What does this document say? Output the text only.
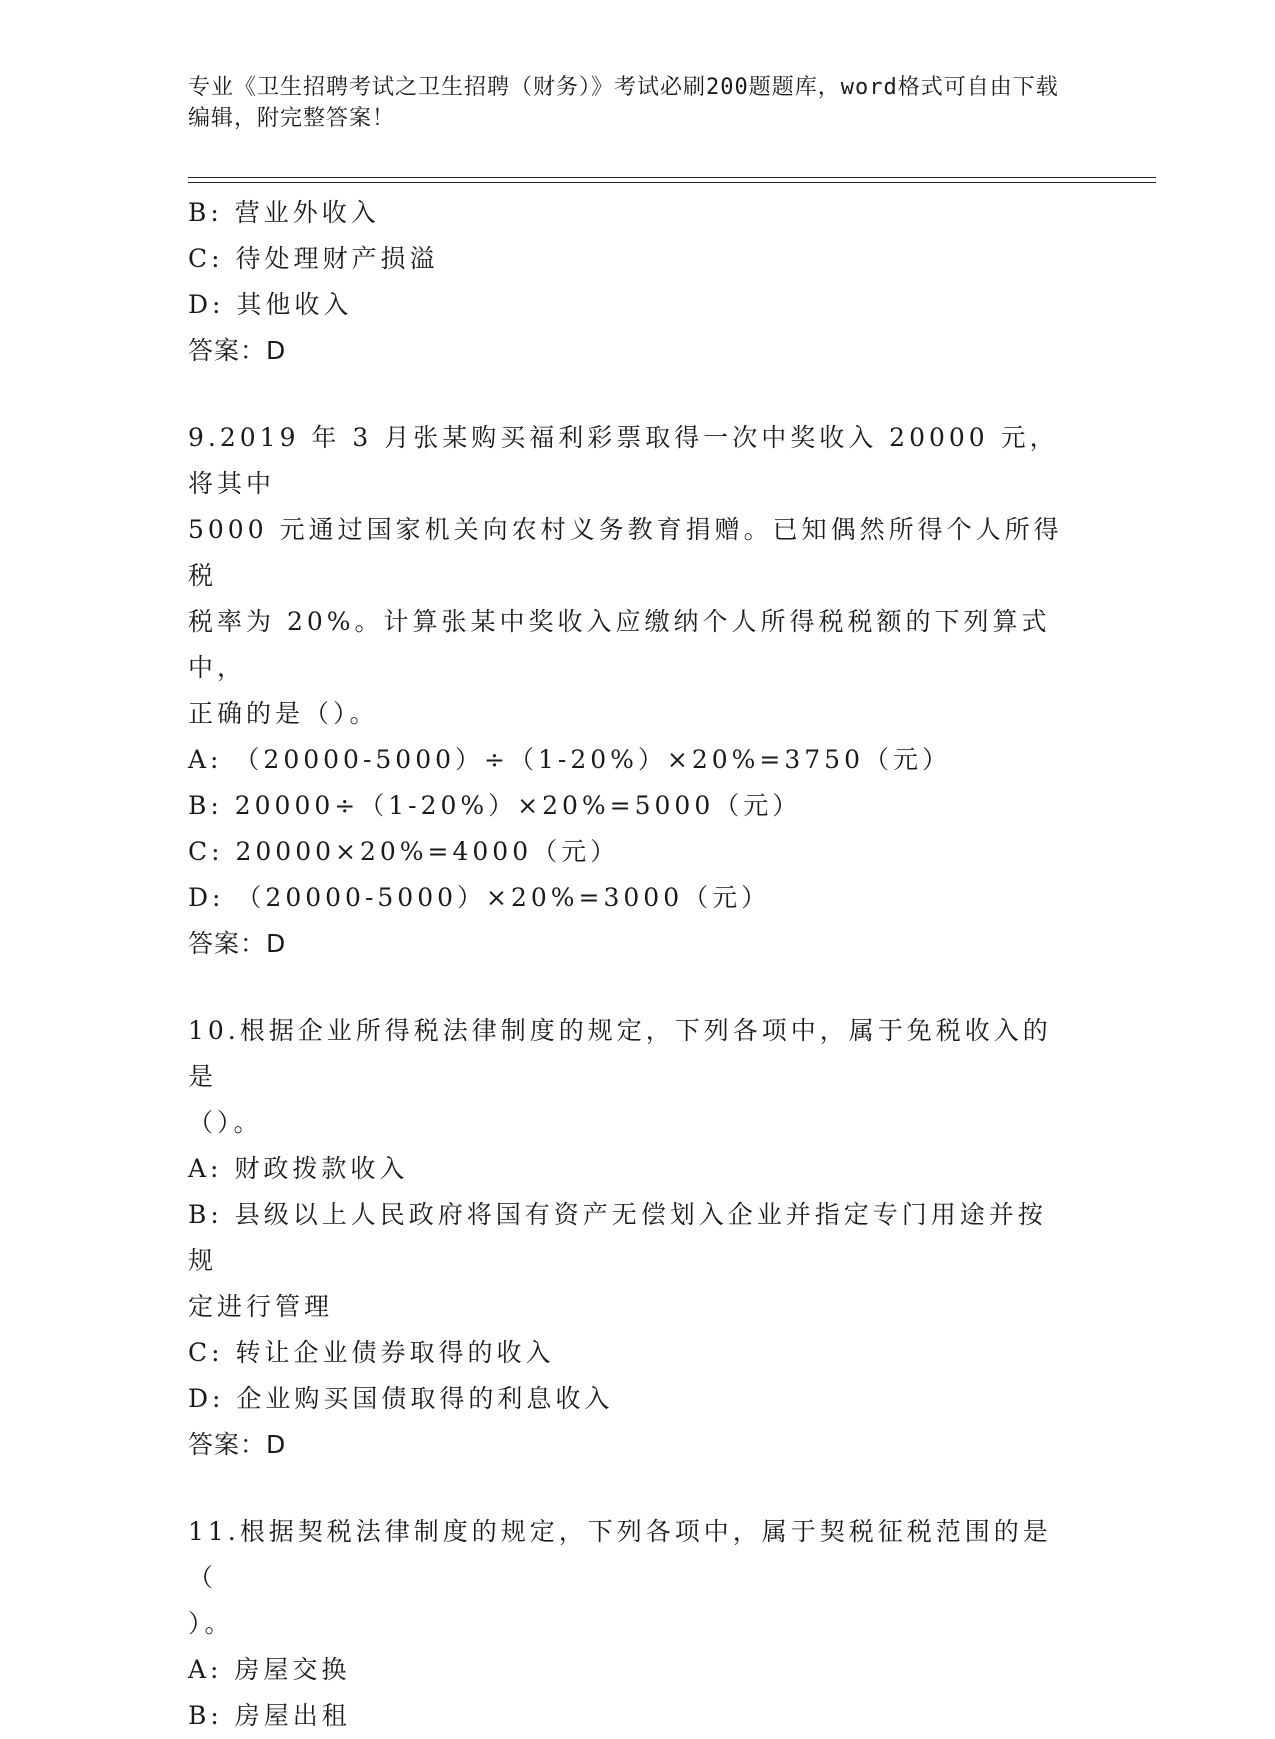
专业《卫生招聘考试之卫生招聘（财务）》考试必刷200题题库，word格式可自由下载编辑，附完整答案！
B: 营业外收入
C: 待处理财产损溢
D: 其他收入
答案：D
9.2019 年 3 月张某购买福利彩票取得一次中奖收入 20000 元，将其中
5000 元通过国家机关向农村义务教育捐赠。已知偶然所得个人所得税
税率为 20%。计算张某中奖收入应缴纳个人所得税税额的下列算式中，
正确的是（）。
A: （20000-5000）÷（1-20%）×20%=3750（元）
B: 20000÷（1-20%）×20%=5000（元）
C: 20000×20%=4000（元）
D: （20000-5000）×20%=3000（元）
答案：D
10.根据企业所得税法律制度的规定，下列各项中，属于免税收入的是
（）。
A: 财政拨款收入
B: 县级以上人民政府将国有资产无偿划入企业并指定专门用途并按规
定进行管理
C: 转让企业债券取得的收入
D: 企业购买国债取得的利息收入
答案：D
11.根据契税法律制度的规定，下列各项中，属于契税征税范围的是（
）。
A: 房屋交换
B: 房屋出租
